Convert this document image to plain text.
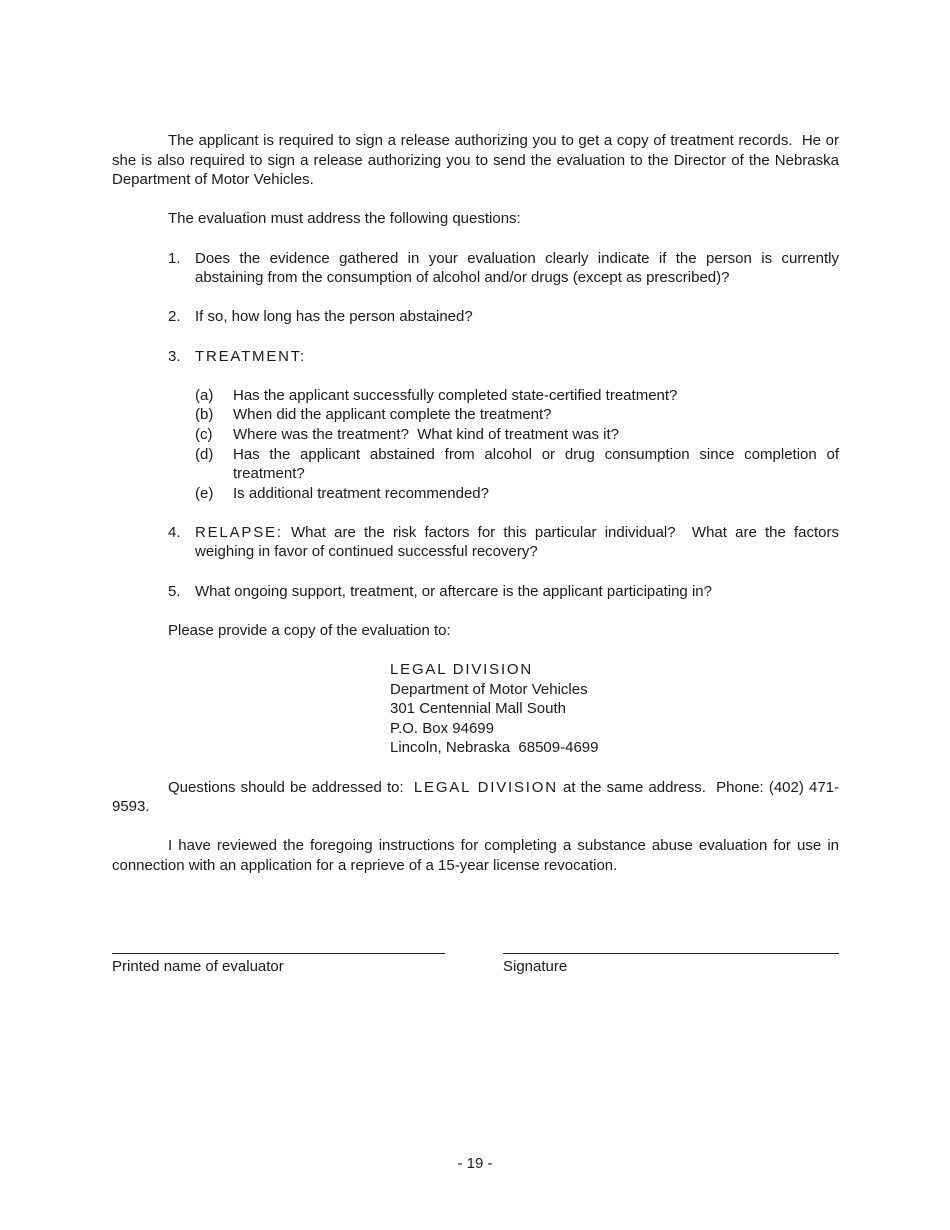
The applicant is required to sign a release authorizing you to get a copy of treatment records.  He or she is also required to sign a release authorizing you to send the evaluation to the Director of the Nebraska Department of Motor Vehicles.

The evaluation must address the following questions:

1. Does the evidence gathered in your evaluation clearly indicate if the person is currently abstaining from the consumption of alcohol and/or drugs (except as prescribed)?
2. If so, how long has the person abstained?
3. TREATMENT:
(a) Has the applicant successfully completed state-certified treatment?
(b) When did the applicant complete the treatment?
(c) Where was the treatment?  What kind of treatment was it?
(d) Has the applicant abstained from alcohol or drug consumption since completion of treatment?
(e) Is additional treatment recommended?
4. RELAPSE: What are the risk factors for this particular individual?  What are the factors weighing in favor of continued successful recovery?
5. What ongoing support, treatment, or aftercare is the applicant participating in?

Please provide a copy of the evaluation to:

LEGAL DIVISION
Department of Motor Vehicles
301 Centennial Mall South
P.O. Box 94699
Lincoln, Nebraska  68509-4699

Questions should be addressed to:  LEGAL DIVISION at the same address.  Phone: (402) 471-9593.

I have reviewed the foregoing instructions for completing a substance abuse evaluation for use in connection with an application for a reprieve of a 15-year license revocation.

Printed name of evaluator	Signature
- 19 -
